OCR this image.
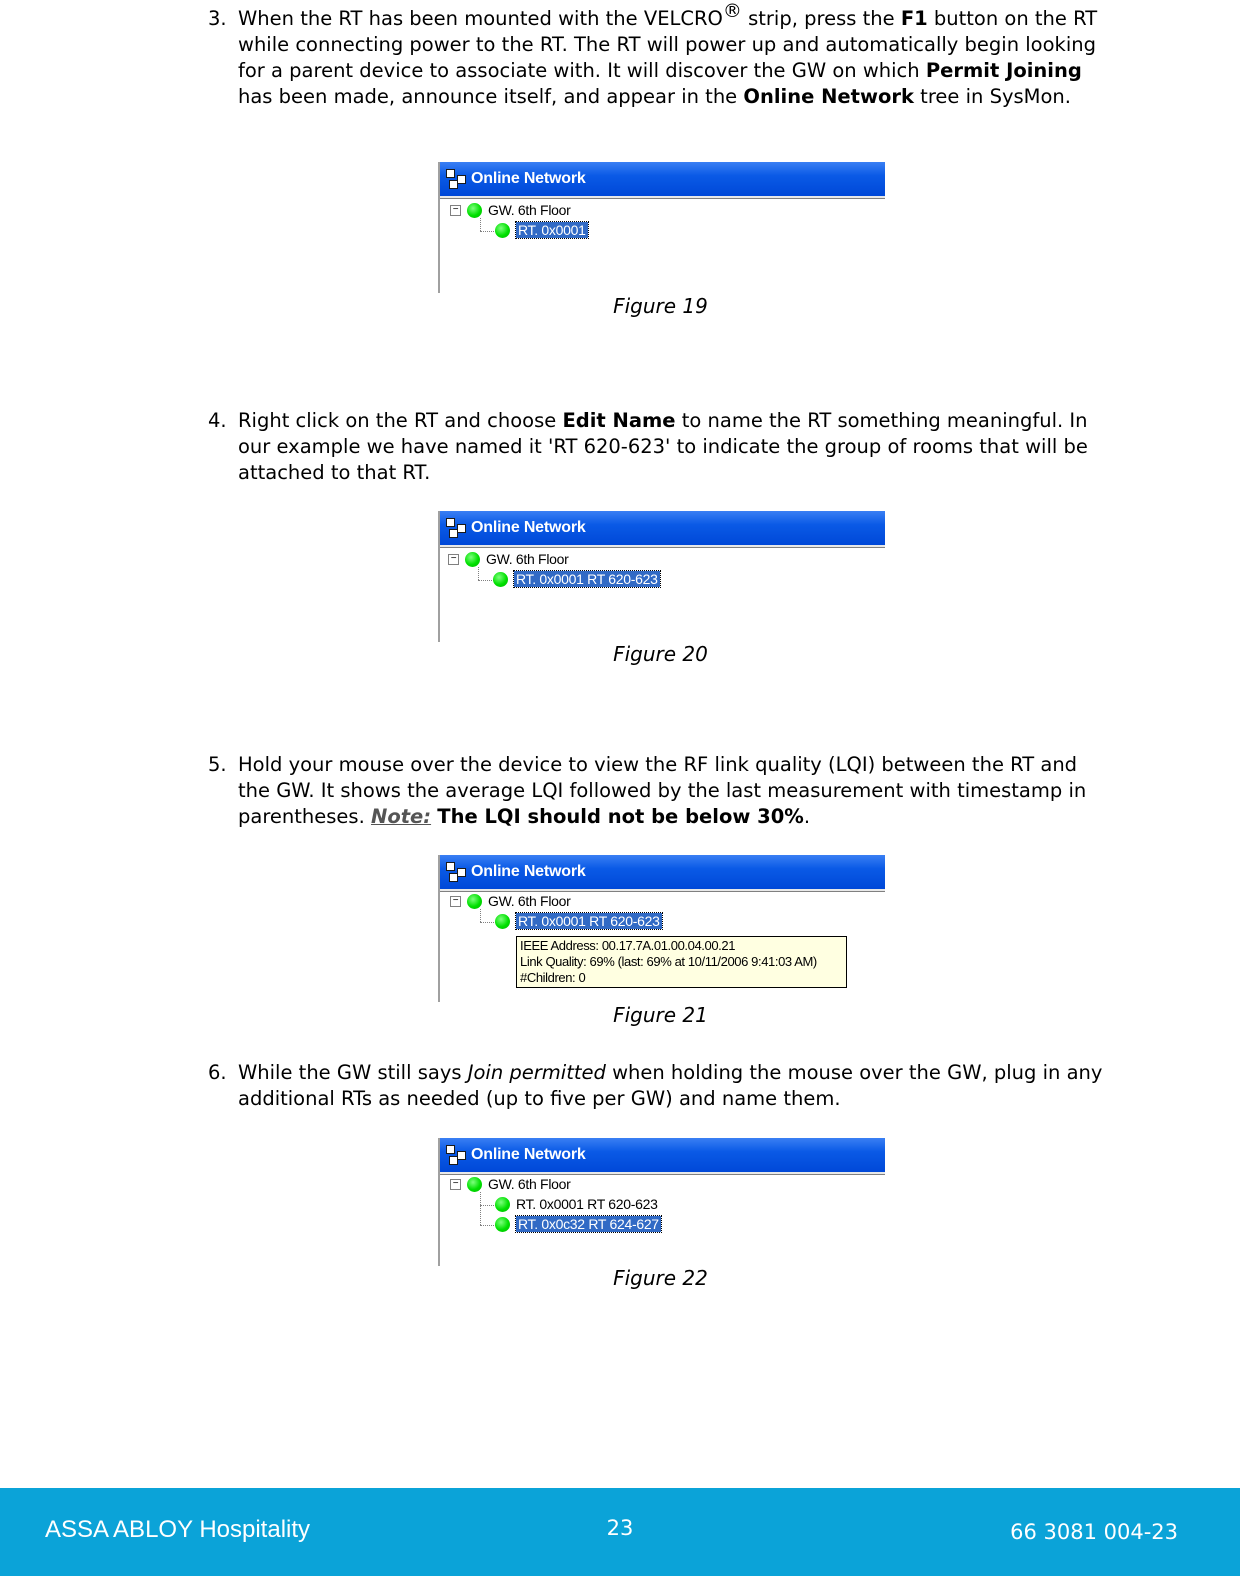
3. When the RT has been mounted with the VELCRO® strip, press the F1 button on the RT while connecting power to the RT. The RT will power up and automatically begin looking for a parent device to associate with. It will discover the GW on which Permit Joining has been made, announce itself, and appear in the Online Network tree in SysMon.
Online Network
− GW. 6th Floor
RT. 0x0001
Figure 19
4. Right click on the RT and choose Edit Name to name the RT something meaningful. In our example we have named it 'RT 620-623' to indicate the group of rooms that will be attached to that RT.
Online Network
− GW. 6th Floor
RT. 0x0001 RT 620-623
Figure 20
5. Hold your mouse over the device to view the RF link quality (LQI) between the RT and the GW. It shows the average LQI followed by the last measurement with timestamp in parentheses. Note: The LQI should not be below 30%.
Online Network
− GW. 6th Floor
RT. 0x0001 RT 620-623
IEEE Address: 00.17.7A.01.00.04.00.21
Link Quality: 69% (last: 69% at 10/11/2006 9:41:03 AM)
#Children: 0
Figure 21
6. While the GW still says Join permitted when holding the mouse over the GW, plug in any additional RTs as needed (up to five per GW) and name them.
Online Network
− GW. 6th Floor
RT. 0x0001 RT 620-623
RT. 0x0c32 RT 624-627
Figure 22
ASSA ABLOY Hospitality	23	66 3081 004-23
